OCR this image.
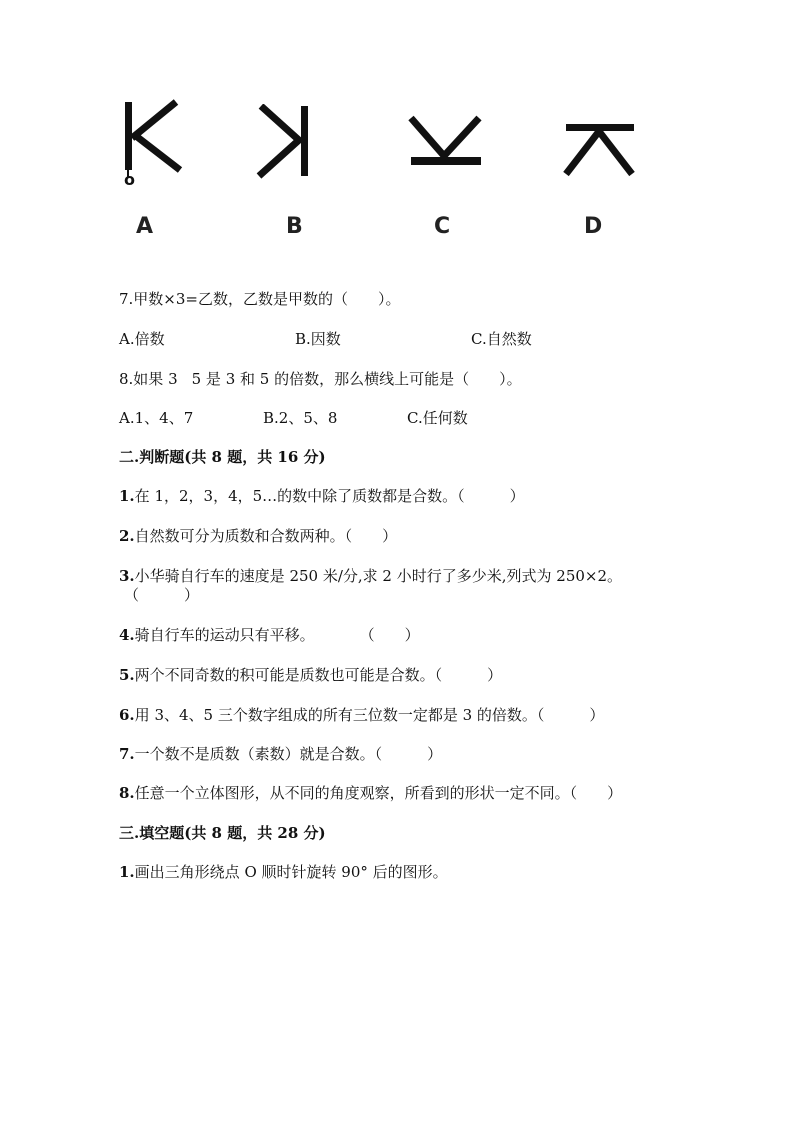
o
A	B	C	D
7.甲数×3=乙数，乙数是甲数的（　　）。
A.倍数	B.因数	C.自然数
8.如果 3 5 是 3 和 5 的倍数，那么横线上可能是（　　）。
A.1、4、7	B.2、5、8	C.任何数
二.判断题(共 8 题，共 16 分)
1.在 1，2，3，4，5…的数中除了质数都是合数。（　　　）
2.自然数可分为质数和合数两种。（　　）
3.小华骑自行车的速度是 250 米/分,求 2 小时行了多少米,列式为 250×2。
（　　　）
4.骑自行车的运动只有平移。　　　　（　　）
5.两个不同奇数的积可能是质数也可能是合数。（　　　）
6.用 3、4、5 三个数字组成的所有三位数一定都是 3 的倍数。（　　　）
7.一个数不是质数（素数）就是合数。（　　　）
8.任意一个立体图形，从不同的角度观察，所看到的形状一定不同。（　　）
三.填空题(共 8 题，共 28 分)
1.画出三角形绕点 O 顺时针旋转 90° 后的图形。
